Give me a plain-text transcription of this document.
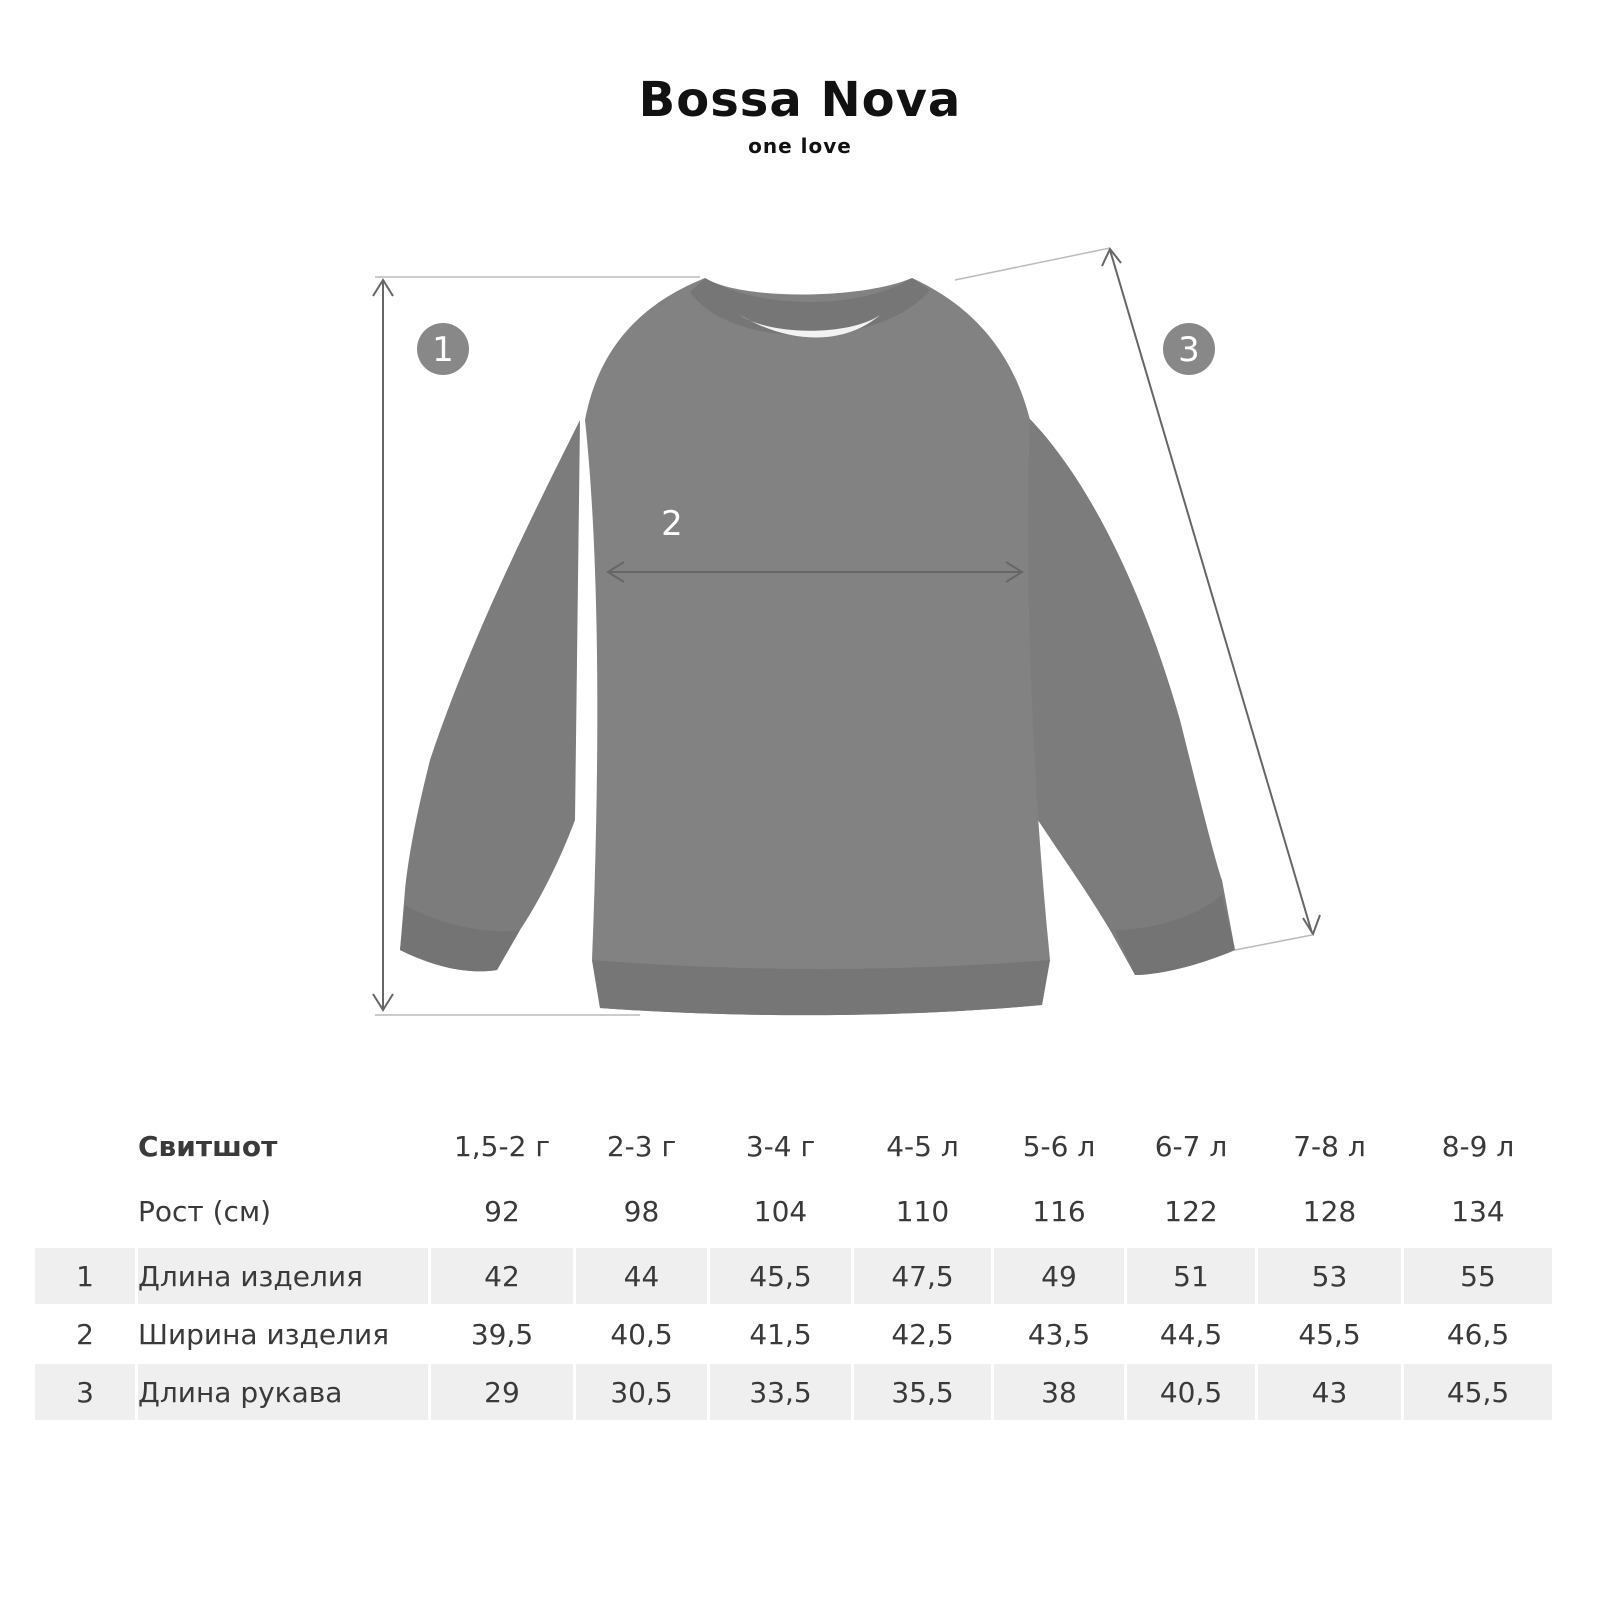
Bossa Nova
one love
1
2
3
	Свитшот	1,5-2 г	2-3 г	3-4 г	4-5 л	5-6 л	6-7 л	7-8 л	8-9 л
	Рост (см)	92	98	104	110	116	122	128	134
1	Длина изделия	42	44	45,5	47,5	49	51	53	55
2	Ширина изделия	39,5	40,5	41,5	42,5	43,5	44,5	45,5	46,5
3	Длина рукава	29	30,5	33,5	35,5	38	40,5	43	45,5
